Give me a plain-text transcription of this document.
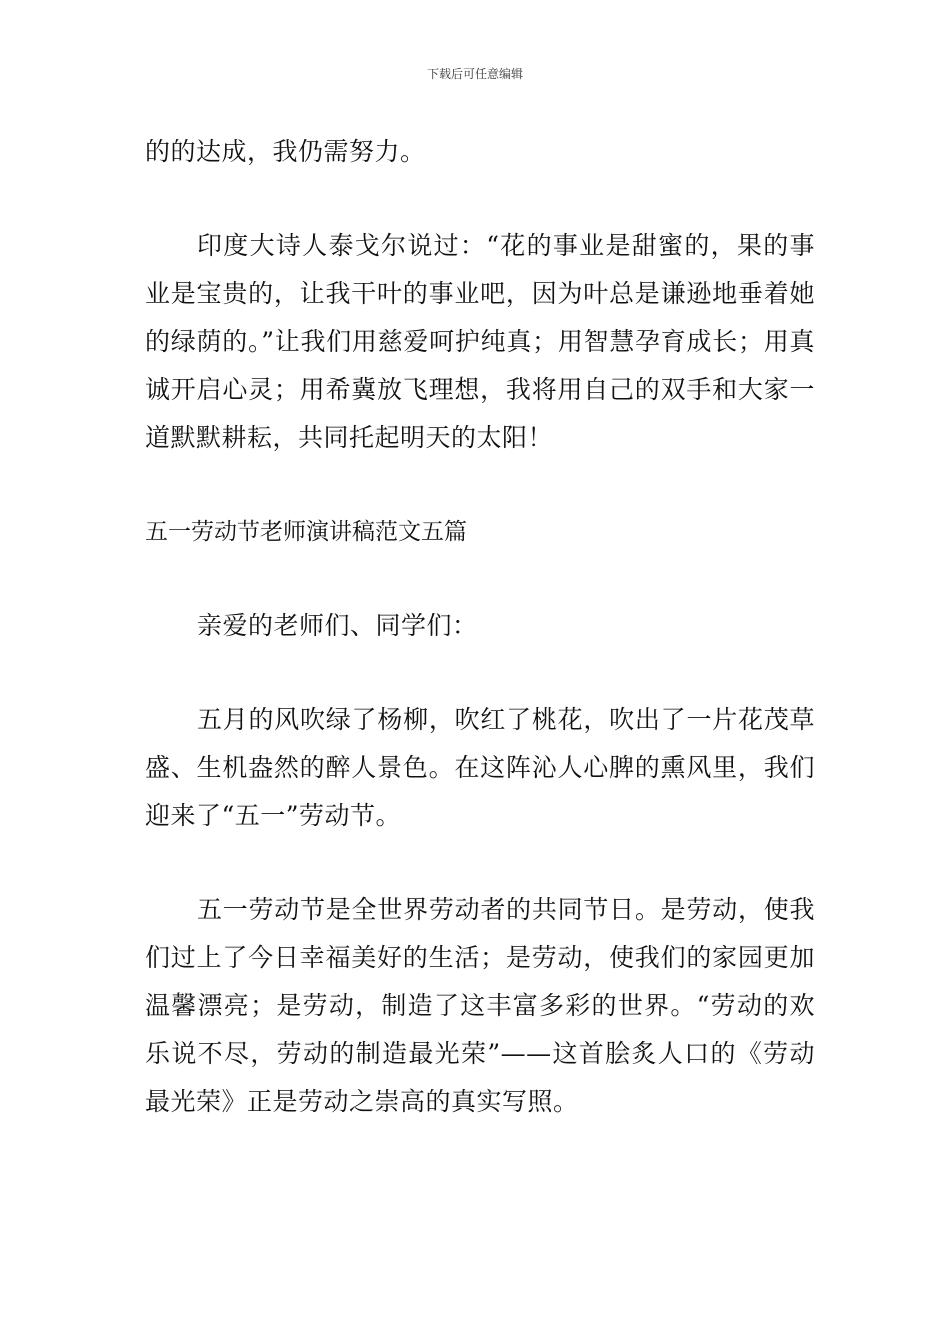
下载后可任意编辑

的的达成，我仍需努力。

印度大诗人泰戈尔说过：“花的事业是甜蜜的，果的事业是宝贵的，让我干叶的事业吧，因为叶总是谦逊地垂着她的绿荫的。”让我们用慈爱呵护纯真；用智慧孕育成长；用真诚开启心灵；用希冀放飞理想，我将用自己的双手和大家一道默默耕耘，共同托起明天的太阳！

五一劳动节老师演讲稿范文五篇

亲爱的老师们、同学们：

五月的风吹绿了杨柳，吹红了桃花，吹出了一片花茂草盛、生机盎然的醉人景色。在这阵沁人心脾的熏风里，我们迎来了“五一”劳动节。

五一劳动节是全世界劳动者的共同节日。是劳动，使我们过上了今日幸福美好的生活；是劳动，使我们的家园更加温馨漂亮；是劳动，制造了这丰富多彩的世界。“劳动的欢乐说不尽，劳动的制造最光荣”——这首脍炙人口的《劳动最光荣》正是劳动之崇高的真实写照。
